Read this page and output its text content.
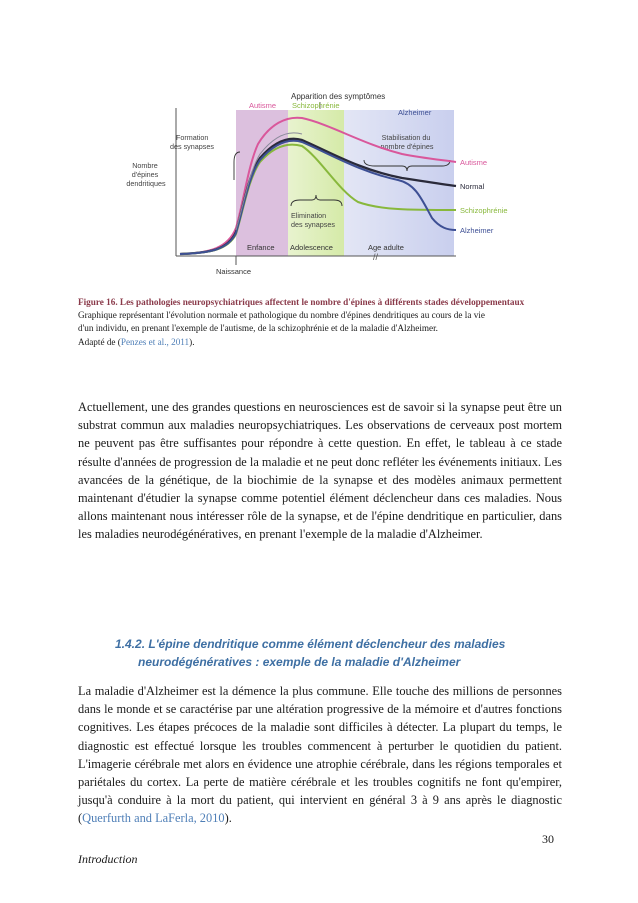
//
Apparition des symptômes
Autisme Schizophrénie
Alzheimer
Formation des synapses
Nombre d'épines dendritiques
Stabilisation du nombre d'épines
Elimination des synapses
Autisme
Normal
Schizophrénie
Alzheimer
Enfance Adolescence	Age adulte
Naissance
Figure 16. Les pathologies neuropsychiatriques affectent le nombre d'épines à différents stades développementaux
Graphique représentant l'évolution normale et pathologique du nombre d'épines dendritiques au cours de la vie
d'un individu, en prenant l'exemple de l'autisme, de la schizophrénie et de la maladie d'Alzheimer.
Adapté de (Penzes et al., 2011).

Actuellement, une des grandes questions en neurosciences est de savoir si la synapse peut être un substrat commun aux maladies neuropsychiatriques. Les observations de cerveaux post mortem ne peuvent pas être suffisantes pour répondre à cette question. En effet, le tableau à ce stade résulte d'années de progression de la maladie et ne peut donc refléter les événements initiaux. Les avancées de la génétique, de la biochimie de la synapse et des modèles animaux permettent maintenant d'étudier la synapse comme potentiel élément déclencheur dans ces maladies. Nous allons maintenant nous intéresser rôle de la synapse, et de l'épine dendritique en particulier, dans les maladies neurodégénératives, en prenant l'exemple de la maladie d'Alzheimer.

1.4.2. L'épine dendritique comme élément déclencheur des maladies
neurodégénératives : exemple de la maladie d'Alzheimer

La maladie d'Alzheimer est la démence la plus commune. Elle touche des millions de personnes dans le monde et se caractérise par une altération progressive de la mémoire et d'autres fonctions cognitives. Les étapes précoces de la maladie sont difficiles à détecter. La plupart du temps, le diagnostic est effectué lorsque les troubles commencent à perturber le quotidien du patient. L'imagerie cérébrale met alors en évidence une atrophie cérébrale, dans les régions temporales et pariétales du cortex. La perte de matière cérébrale et les troubles cognitifs ne font qu'empirer, jusqu'à conduire à la mort du patient, qui intervient en général 3 à 9 ans après le diagnostic (Querfurth and LaFerla, 2010).

30
Introduction
